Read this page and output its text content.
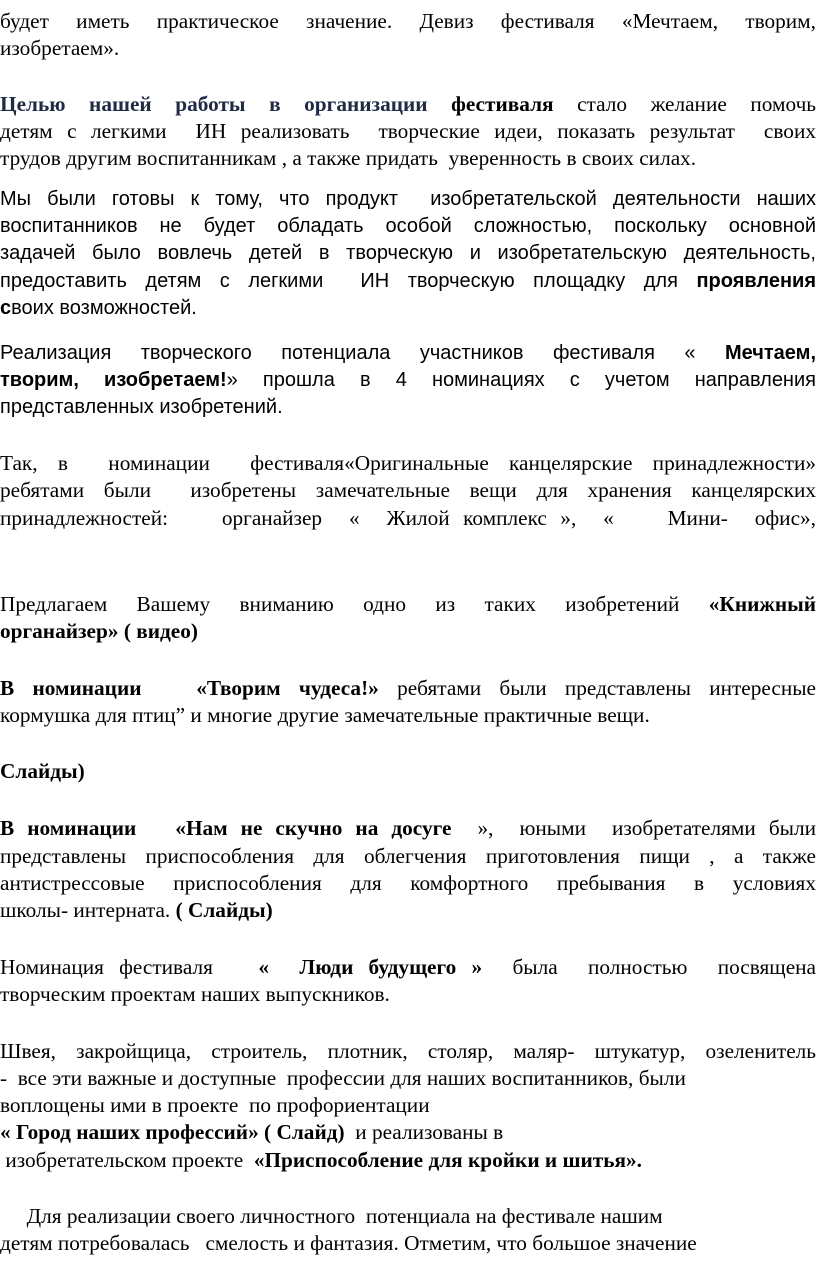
будет иметь практическое значение. Девиз фестиваля «Мечтаем, творим,
изобретаем».
Целью нашей работы в организации фестиваля стало желание помочь
детям с легкими  ИН реализовать  творческие идеи, показать результат  своих
трудов другим воспитанникам , а также придать  уверенность в своих силах.
Мы были готовы к тому, что продукт  изобретательской деятельности наших
воспитанников не будет обладать особой сложностью, поскольку основной
задачей было вовлечь детей в творческую и изобретательскую деятельность,
предоставить детям с легкими  ИН творческую площадку для проявления
своих возможностей.
Реализация творческого потенциала участников фестиваля « Мечтаем,
творим, изобретаем!» прошла в 4 номинациях с учетом направления
представленных изобретений.
Так, в  номинации  фестиваля«Оригинальные канцелярские принадлежности»
ребятами были  изобретены замечательные вещи для хранения канцелярских
принадлежностей:    органайзер  «  Жилой комплекс »,  «    Мини-  офис»,
Предлагаем Вашему вниманию одно из таких изобретений «Книжный
органайзер» ( видео)
В номинации   «Творим чудеса!» ребятами были представлены интересные
кормушка для птиц” и многие другие замечательные практичные вещи.
Слайды)
В номинации   «Нам не скучно на досуге  »,  юными  изобретателями были
представлены приспособления для облегчения приготовления пищи , а также
антистрессовые приспособления для комфортного пребывания в условиях
школы- интерната. ( Слайды)
Номинация фестиваля   «  Люди будущего »  была  полностью  посвящена
творческим проектам наших выпускников.
Швея, закройщица, строитель, плотник, столяр, маляр- штукатур, озеленитель
-  все эти важные и доступные  профессии для наших воспитанников, были
воплощены ими в проекте  по профориентации
« Город наших профессий» ( Слайд)  и реализованы в
изобретательском проекте  «Приспособление для кройки и шитья».
Для реализации своего личностного  потенциала на фестивале нашим
детям потребовалась   смелость и фантазия. Отметим, что большое значение
